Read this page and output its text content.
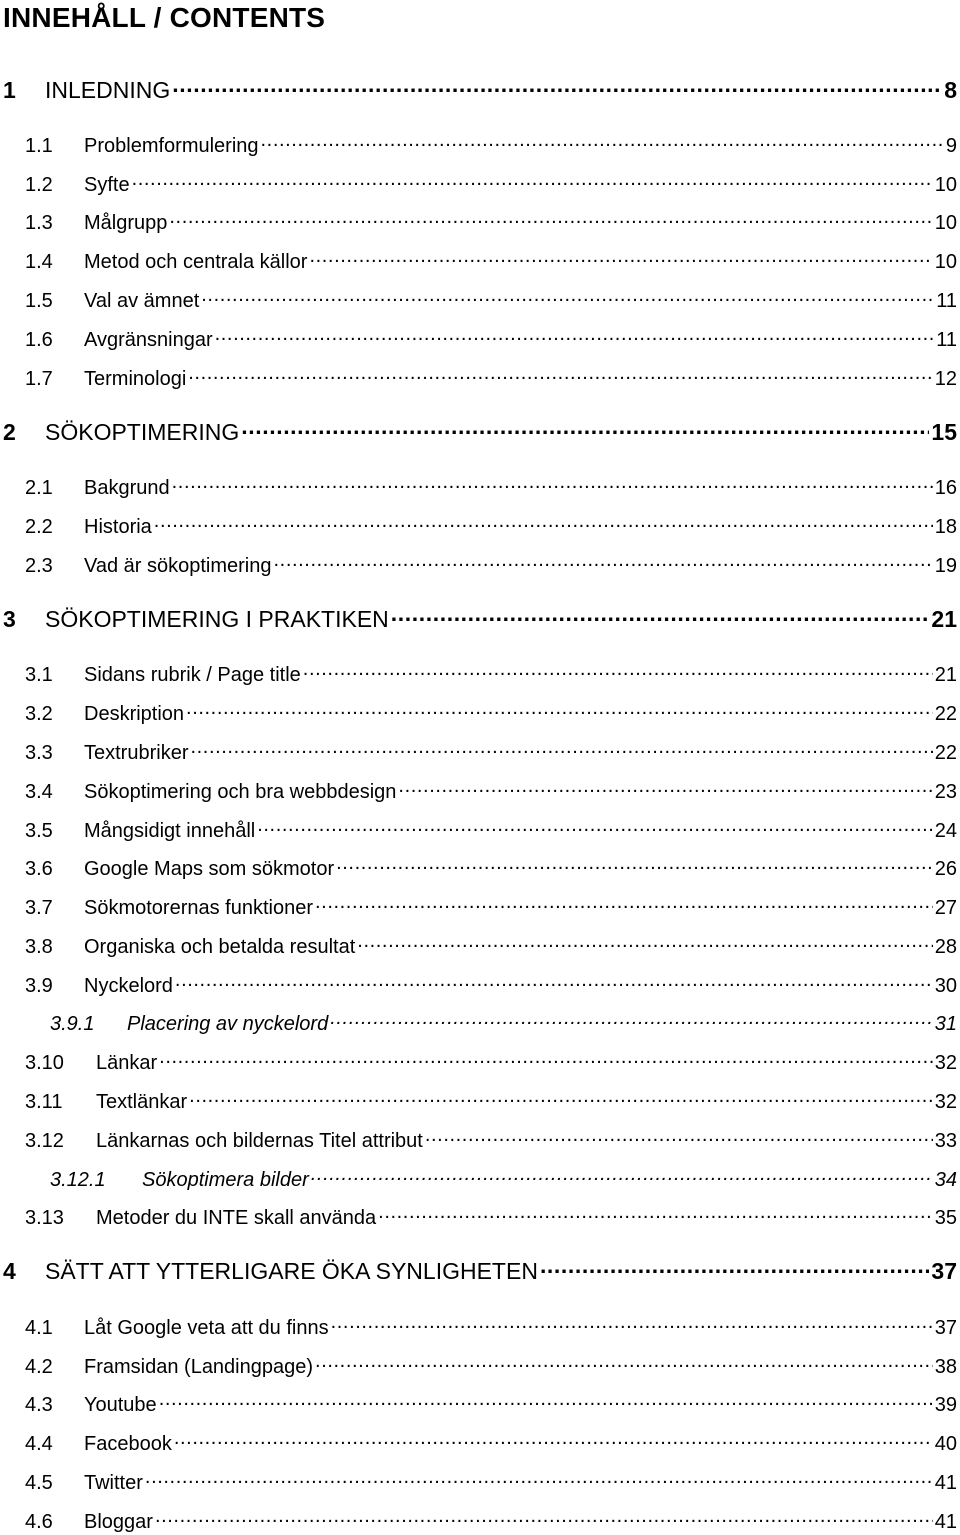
INNEHÅLL / CONTENTS
1	INLEDNING .....	8
1.1	Problemformulering .....	9
1.2	Syfte .....	10
1.3	Målgrupp .....	10
1.4	Metod och centrala källor .....	10
1.5	Val av ämnet .....	11
1.6	Avgränsningar .....	11
1.7	Terminologi .....	12
2	SÖKOPTIMERING .....	15
2.1	Bakgrund .....	16
2.2	Historia .....	18
2.3	Vad är sökoptimering .....	19
3	SÖKOPTIMERING I PRAKTIKEN .....	21
3.1	Sidans rubrik / Page title .....	21
3.2	Deskription .....	22
3.3	Textrubriker .....	22
3.4	Sökoptimering och bra webbdesign .....	23
3.5	Mångsidigt innehåll .....	24
3.6	Google Maps som sökmotor .....	26
3.7	Sökmotorernas funktioner .....	27
3.8	Organiska och betalda resultat .....	28
3.9	Nyckelord .....	30
3.9.1	Placering av nyckelord .....	31
3.10	Länkar .....	32
3.11	Textlänkar .....	32
3.12	Länkarnas och bildernas Titel attribut .....	33
3.12.1	Sökoptimera bilder .....	34
3.13	Metoder du INTE skall använda .....	35
4	SÄTT ATT YTTERLIGARE ÖKA SYNLIGHETEN .....	37
4.1	Låt Google veta att du finns .....	37
4.2	Framsidan (Landingpage) .....	38
4.3	Youtube .....	39
4.4	Facebook .....	40
4.5	Twitter .....	41
4.6	Bloggar .....	41
